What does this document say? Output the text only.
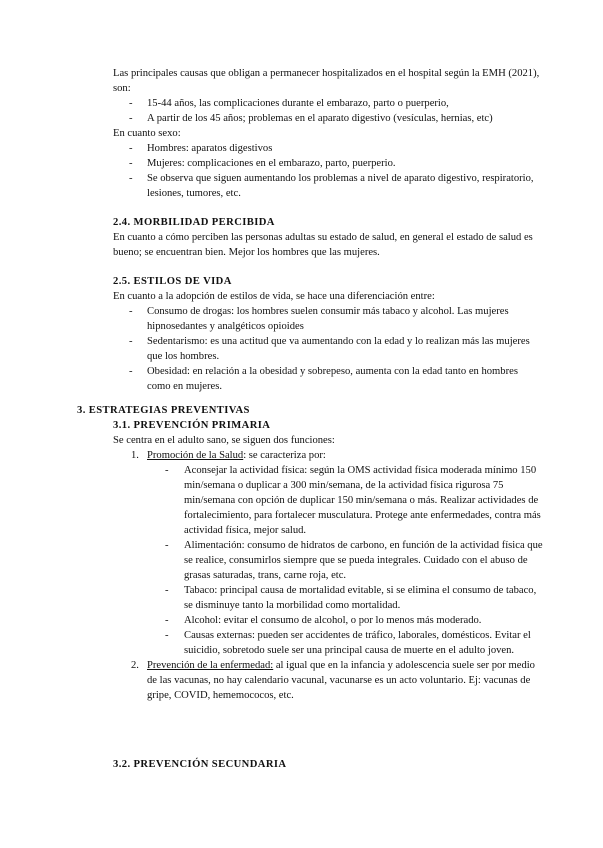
Las principales causas que obligan a permanecer hospitalizados en el hospital según la EMH (2021), son:

- 15-44 años, las complicaciones durante el embarazo, parto o puerperio,
- A partir de los 45 años; problemas en el aparato digestivo (vesículas, hernias, etc)

En cuanto sexo:

- Hombres: aparatos digestivos
- Mujeres: complicaciones en el embarazo, parto, puerperio.
- Se observa que siguen aumentando los problemas a nivel de aparato digestivo, respiratorio, lesiones, tumores, etc.

2.4. MORBILIDAD PERCIBIDA

En cuanto a cómo perciben las personas adultas su estado de salud, en general el estado de salud es bueno; se encuentran bien. Mejor los hombres que las mujeres.

2.5. ESTILOS DE VIDA

En cuanto a la adopción de estilos de vida, se hace una diferenciación entre:

- Consumo de drogas: los hombres suelen consumir más tabaco y alcohol. Las mujeres hipnosedantes y analgéticos opioides
- Sedentarismo: es una actitud que va aumentando con la edad y lo realizan más las mujeres que los hombres.
- Obesidad: en relación a la obesidad y sobrepeso, aumenta con la edad tanto en hombres como en mujeres.

3. ESTRATEGIAS PREVENTIVAS

3.1. PREVENCIÓN PRIMARIA

Se centra en el adulto sano, se siguen dos funciones:

1. Promoción de la Salud: se caracteriza por:
- Aconsejar la actividad física: según la OMS actividad física moderada mínimo 150 min/semana o duplicar a 300 min/semana, de la actividad física rigurosa 75 min/semana con opción de duplicar 150 min/semana o más. Realizar actividades de fortalecimiento, para fortalecer musculatura. Protege ante enfermedades, contra más actividad física, mejor salud.
- Alimentación: consumo de hidratos de carbono, en función de la actividad física que se realice, consumirlos siempre que se pueda integrales. Cuidado con el abuso de grasas saturadas, trans, carne roja, etc.
- Tabaco: principal causa de mortalidad evitable, si se elimina el consumo de tabaco, se disminuye tanto la morbilidad como mortalidad.
- Alcohol: evitar el consumo de alcohol, o por lo menos más moderado.
- Causas externas: pueden ser accidentes de tráfico, laborales, domésticos. Evitar el suicidio, sobretodo suele ser una principal causa de muerte en el adulto joven.
2. Prevención de la enfermedad: al igual que en la infancia y adolescencia suele ser por medio de las vacunas, no hay calendario vacunal, vacunarse es un acto voluntario. Ej: vacunas de gripe, COVID, hememococos, etc.

3.2. PREVENCIÓN SECUNDARIA
